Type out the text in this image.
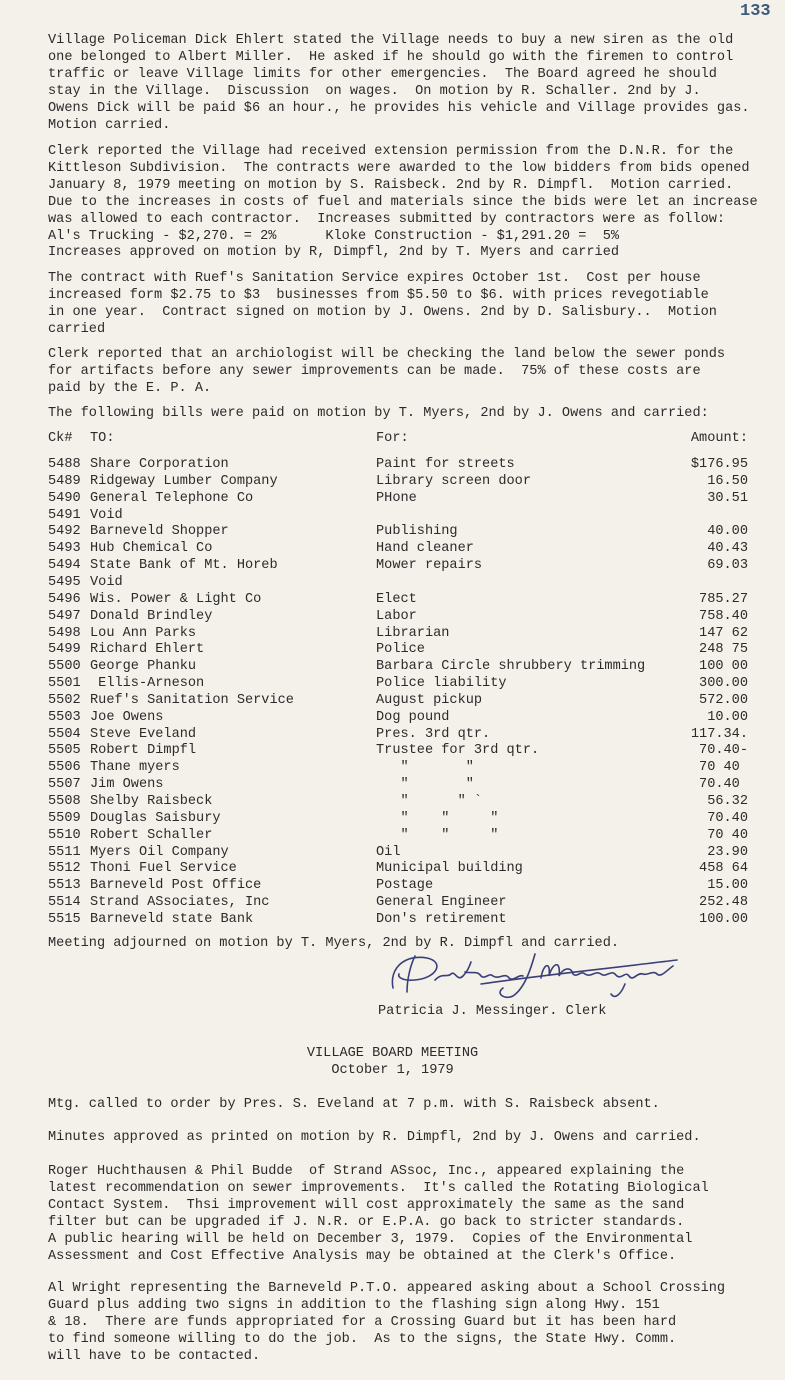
133

Village Policeman Dick Ehlert stated the Village needs to buy a new siren as the old
one belonged to Albert Miller.  He asked if he should go with the firemen to control
traffic or leave Village limits for other emergencies.  The Board agreed he should
stay in the Village.  Discussion  on wages.  On motion by R. Schaller. 2nd by J.
Owens Dick will be paid $6 an hour., he provides his vehicle and Village provides gas.
Motion carried.

Clerk reported the Village had received extension permission from the D.N.R. for the
Kittleson Subdivision.  The contracts were awarded to the low bidders from bids opened
January 8, 1979 meeting on motion by S. Raisbeck. 2nd by R. Dimpfl.  Motion carried.
Due to the increases in costs of fuel and materials since the bids were let an increase
was allowed to each contractor.  Increases submitted by contractors were as follow:
Al's Trucking - $2,270. = 2%      Kloke Construction - $1,291.20 =  5%
Increases approved on motion by R, Dimpfl, 2nd by T. Myers and carried

The contract with Ruef's Sanitation Service expires October 1st.  Cost per house
increased form $2.75 to $3  businesses from $5.50 to $6. with prices revegotiable
in one year.  Contract signed on motion by J. Owens. 2nd by D. Salisbury..  Motion
carried

Clerk reported that an archiologist will be checking the land below the sewer ponds
for artifacts before any sewer improvements can be made.  75% of these costs are
paid by the E. P. A.

The following bills were paid on motion by T. Myers, 2nd by J. Owens and carried:

Ck# TO:	For:	Amount:
5488 Share Corporation	Paint for streets	$176.95
5489 Ridgeway Lumber Company	Library screen door	16.50
5490 General Telephone Co	PHone	30.51
5491 Void
5492 Barneveld Shopper	Publishing	40.00
5493 Hub Chemical Co	Hand cleaner	40.43
5494 State Bank of Mt. Horeb	Mower repairs	69.03
5495 Void
5496 Wis. Power & Light Co	Elect	785.27
5497 Donald Brindley	Labor	758.40
5498 Lou Ann Parks	Librarian	147 62
5499 Richard Ehlert	Police	248 75
5500 George Phanku	Barbara Circle shrubbery trimming	100 00
5501 Ellis-Arneson	Police liability	300.00
5502 Ruef's Sanitation Service	August pickup	572.00
5503 Joe Owens	Dog pound	10.00
5504 Steve Eveland	Pres. 3rd qtr.	117.34.
5505 Robert Dimpfl	Trustee for 3rd qtr.	70.40-
5506 Thane myers	"       "	70 40
5507 Jim Owens	"       "	70.40
5508 Shelby Raisbeck	"      " `	56.32
5509 Douglas Saisbury	"    "     "	70.40
5510 Robert Schaller	"    "     "	70 40
5511 Myers Oil Company	Oil	23.90
5512 Thoni Fuel Service	Municipal building	458 64
5513 Barneveld Post Office	Postage	15.00
5514 Strand ASsociates, Inc	General Engineer	252.48
5515 Barneveld state Bank	Don's retirement	100.00

Meeting adjourned on motion by T. Myers, 2nd by R. Dimpfl and carried.

Patricia J. Messinger. Clerk
VILLAGE BOARD MEETING
October 1, 1979

Mtg. called to order by Pres. S. Eveland at 7 p.m. with S. Raisbeck absent.

Minutes approved as printed on motion by R. Dimpfl, 2nd by J. Owens and carried.

Roger Huchthausen & Phil Budde  of Strand ASsoc, Inc., appeared explaining the
latest recommendation on sewer improvements.  It's called the Rotating Biological
Contact System.  Thsi improvement will cost approximately the same as the sand
filter but can be upgraded if J. N.R. or E.P.A. go back to stricter standards.
A public hearing will be held on December 3, 1979.  Copies of the Environmental
Assessment and Cost Effective Analysis may be obtained at the Clerk's Office.

Al Wright representing the Barneveld P.T.O. appeared asking about a School Crossing
Guard plus adding two signs in addition to the flashing sign along Hwy. 151
& 18.  There are funds appropriated for a Crossing Guard but it has been hard
to find someone willing to do the job.  As to the signs, the State Hwy. Comm.
will have to be contacted.
